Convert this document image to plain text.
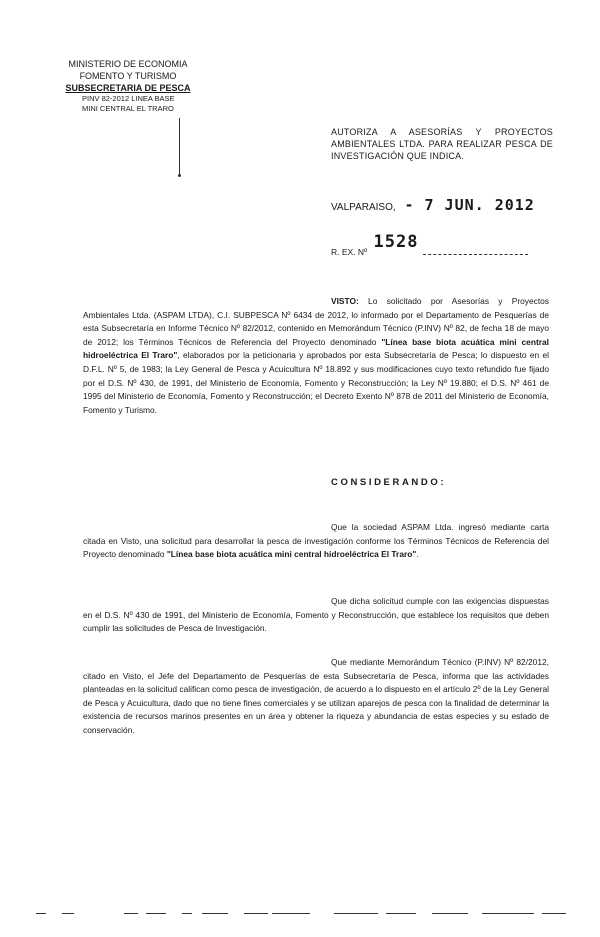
MINISTERIO DE ECONOMIA
FOMENTO Y TURISMO
SUBSECRETARIA DE PESCA
PINV 82-2012 LINEA BASE
MINI CENTRAL EL TRARO
AUTORIZA A ASESORÍAS Y PROYECTOS AMBIENTALES LTDA. PARA REALIZAR PESCA DE INVESTIGACIÓN QUE INDICA.
VALPARAISO, - 7 JUN. 2012
R. EX. Nº 1528
VISTO: Lo solicitado por Asesorías y Proyectos Ambientales Ltda. (ASPAM LTDA), C.I. SUBPESCA Nº 6434 de 2012, lo informado por el Departamento de Pesquerías de esta Subsecretaría en Informe Técnico Nº 82/2012, contenido en Memorándum Técnico (P.INV) Nº 82, de fecha 18 de mayo de 2012; los Términos Técnicos de Referencia del Proyecto denominado "Línea base biota acuática mini central hidroeléctrica El Traro", elaborados por la peticionaria y aprobados por esta Subsecretaría de Pesca; lo dispuesto en el D.F.L. Nº 5, de 1983; la Ley General de Pesca y Acuicultura Nº 18.892 y sus modificaciones cuyo texto refundido fue fijado por el D.S. Nº 430, de 1991, del Ministerio de Economía, Fomento y Reconstrucción; la Ley Nº 19.880; el D.S. Nº 461 de 1995 del Ministerio de Economía, Fomento y Reconstrucción; el Decreto Exento Nº 878 de 2011 del Ministerio de Economía, Fomento y Turismo.
CONSIDERANDO:
Que la sociedad ASPAM Ltda. ingresó mediante carta citada en Visto, una solicitud para desarrollar la pesca de investigación conforme los Términos Técnicos de Referencia del Proyecto denominado "Línea base biota acuática mini central hidroeléctrica El Traro".
Que dicha solicitud cumple con las exigencias dispuestas en el D.S. Nº 430 de 1991, del Ministerio de Economía, Fomento y Reconstrucción, que establece los requisitos que deben cumplir las solicitudes de Pesca de Investigación.
Que mediante Memorándum Técnico (P.INV) Nº 82/2012, citado en Visto, el Jefe del Departamento de Pesquerías de esta Subsecretaría de Pesca, informa que las actividades planteadas en la solicitud califican como pesca de investigación, de acuerdo a lo dispuesto en el artículo 2º de la Ley General de Pesca y Acuicultura, dado que no tiene fines comerciales y se utilizan aparejos de pesca con la finalidad de determinar la existencia de recursos marinos presentes en un área y obtener la riqueza y abundancia de estas especies y su estado de conservación.
